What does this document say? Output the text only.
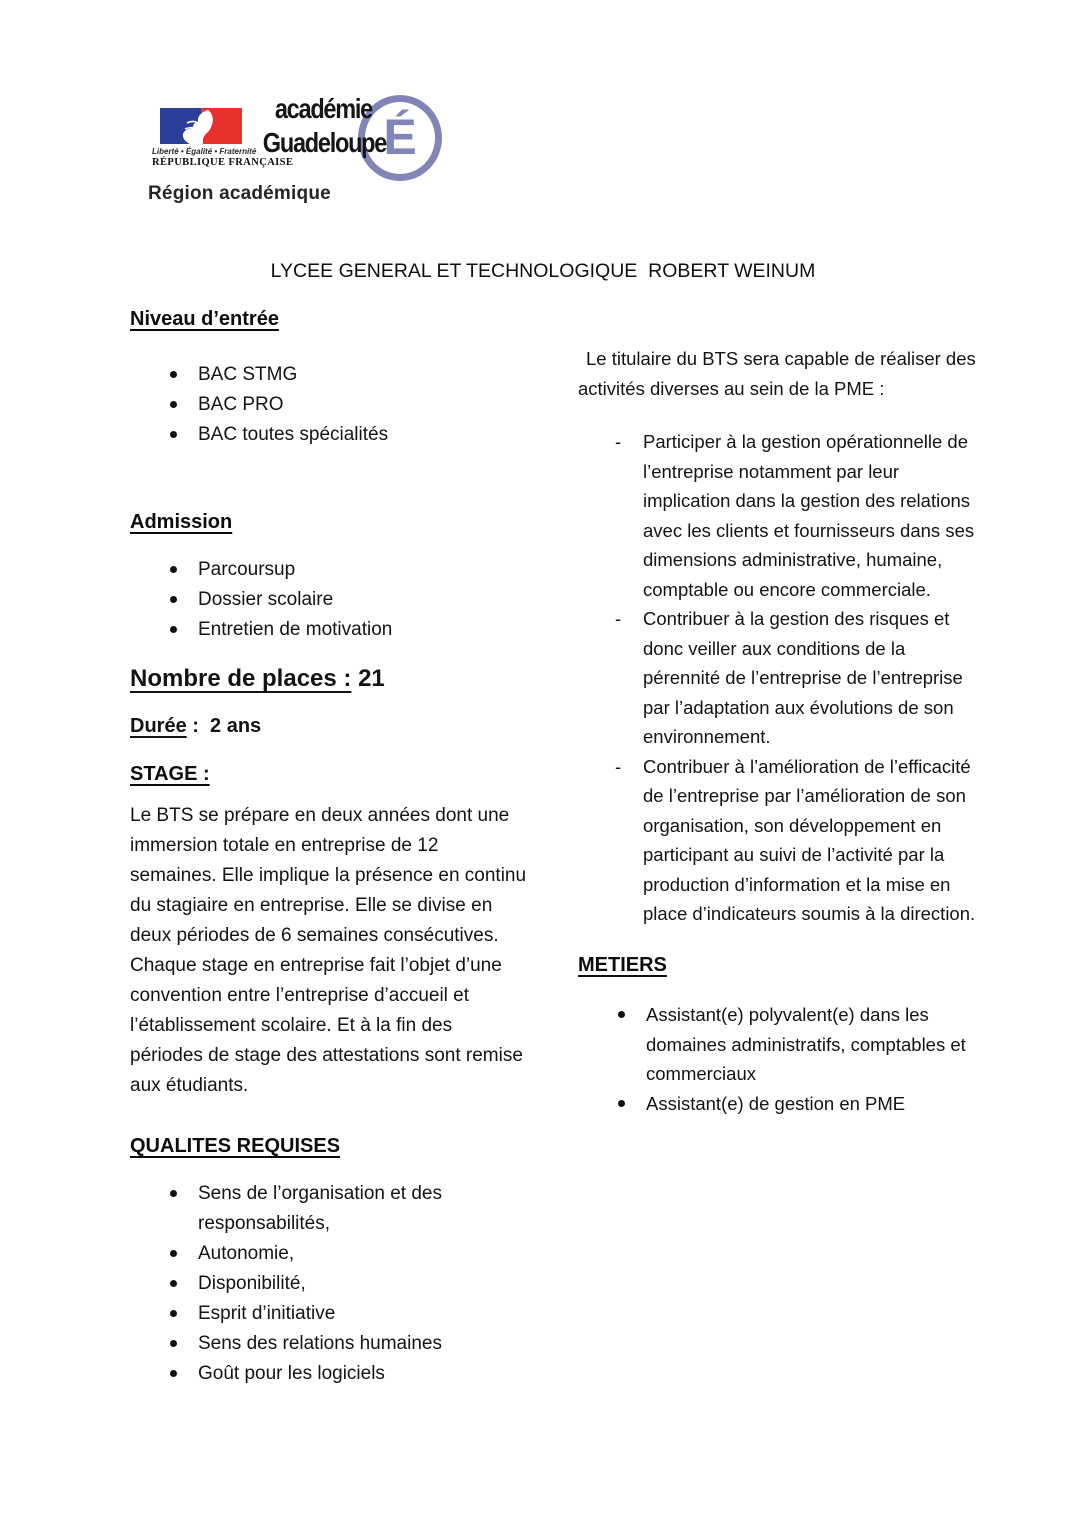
Liberté • Égalité • Fraternité
RÉPUBLIQUE FRANÇAISE
académie
Guadeloupe
É
Région académique
LYCEE GENERAL ET TECHNOLOGIQUE  ROBERT WEINUM
Niveau d’entrée
BAC STMG
BAC PRO
BAC toutes spécialités
Admission
Parcoursup
Dossier scolaire
Entretien de motivation
Nombre de places : 21
Durée :  2 ans
STAGE :

Le BTS se prépare en deux années dont une immersion totale en entreprise de 12 semaines. Elle implique la présence en continu du stagiaire en entreprise. Elle se divise en deux périodes de 6 semaines consécutives. Chaque stage en entreprise fait l’objet d’une convention entre l’entreprise d’accueil et l’établissement scolaire. Et à la fin des périodes de stage des attestations sont remise aux étudiants.

QUALITES REQUISES
Sens de l’organisation et des responsabilités,
Autonomie,
Disponibilité,
Esprit d’initiative
Sens des relations humaines
Goût pour les logiciels

Le titulaire du BTS sera capable de réaliser des activités diverses au sein de la PME :

- Participer à la gestion opérationnelle de l’entreprise notamment par leur implication dans la gestion des relations avec les clients et fournisseurs dans ses dimensions administrative, humaine, comptable ou encore commerciale.
- Contribuer à la gestion des risques et donc veiller aux conditions de la pérennité de l’entreprise de l’entreprise par l’adaptation aux évolutions de son environnement.
- Contribuer à l’amélioration de l’efficacité de l’entreprise par l’amélioration de son organisation, son développement en participant au suivi de l’activité par la  production d’information et la mise en place d’indicateurs soumis à la direction.
METIERS
Assistant(e) polyvalent(e) dans les domaines administratifs, comptables et commerciaux
Assistant(e) de gestion en PME
